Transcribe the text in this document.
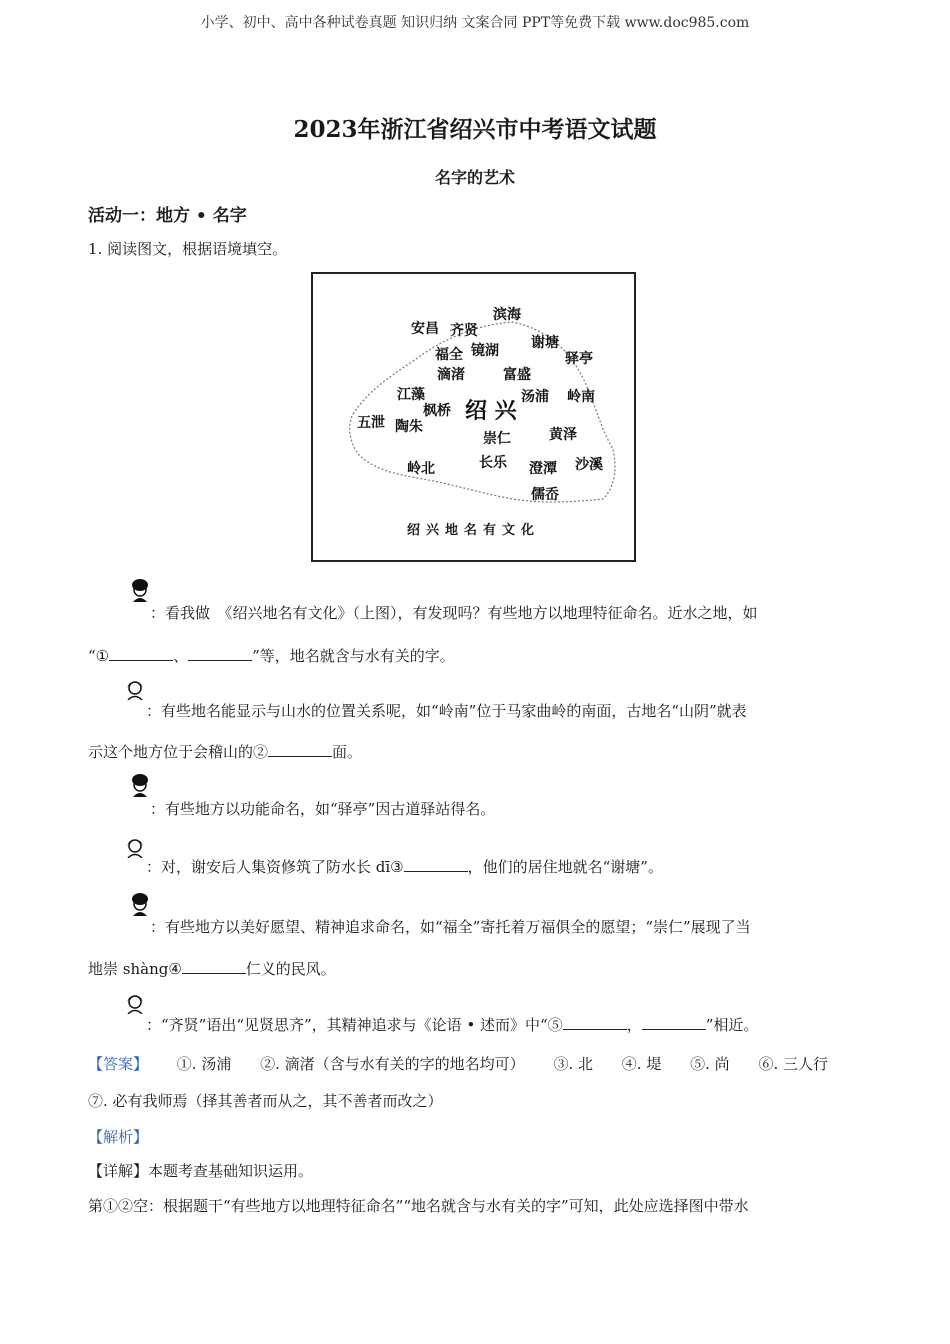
小学、初中、高中各种试卷真题 知识归纳 文案合同 PPT等免费下载 www.doc985.com
2023年浙江省绍兴市中考语文试题
名字的艺术
活动一：地方 • 名字
1. 阅读图文，根据语境填空。
安昌 齐贤
滨海
福全 镜湖 谢塘
驿亭
滴渚	富盛
汤浦 岭南
江藻
枫桥 绍 兴
五泄 陶朱
崇仁	黄泽
岭北	长乐 澄潭 沙溪
儒岙
绍兴地名有文化
：看我做　《绍兴地名有文化》（上图），有发现吗？有些地方以地理特征命名。近水之地，如
“①	、	”等，地名就含与水有关的字。
：有些地名能显示与山水的位置关系呢，如“岭南”位于马家曲岭的南面，古地名“山阴”就表
示这个地方位于会稽山的②	面。
：有些地方以功能命名，如“驿亭”因古道驿站得名。
：对，谢安后人集资修筑了防水长 dī③	，他们的居住地就名“谢塘”。
：有些地方以美好愿望、精神追求命名，如“福全”寄托着万福俱全的愿望；“崇仁”展现了当
地崇 shàng④	仁义的民风。
：“齐贤”语出“见贤思齐”，其精神追求与《论语 • 述而》中“⑤	，	”相近。
【答案】 ①. 汤浦 ②. 滴渚（含与水有关的字的地名均可） ③. 北 ④. 堤 ⑤. 尚 ⑥. 三人行
⑦. 必有我师焉（择其善者而从之，其不善者而改之）
【解析】
【详解】本题考查基础知识运用。
第①②空：根据题干“有些地方以地理特征命名”“地名就含与水有关的字”可知，此处应选择图中带水
